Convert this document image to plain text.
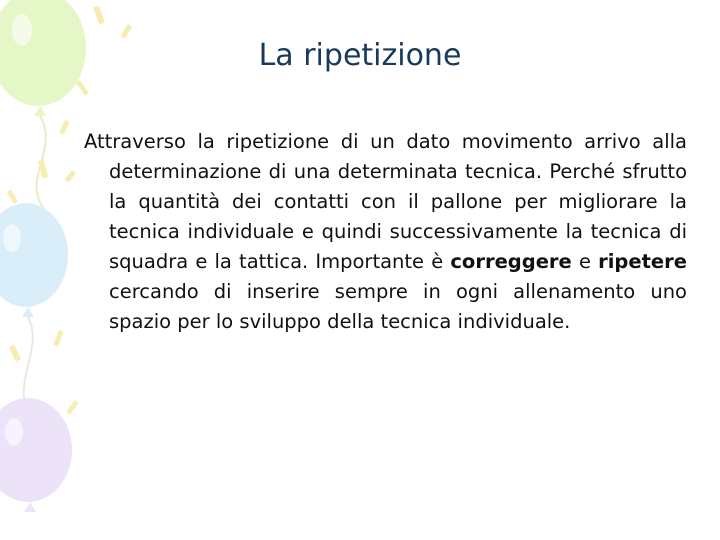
La ripetizione
Attraverso la ripetizione di un dato movimento arrivo alla determinazione di una determinata tecnica. Perché sfrutto la quantità dei contatti con il pallone per migliorare la tecnica individuale e quindi successivamente la tecnica di squadra e la tattica. Importante è correggere e ripetere cercando di inserire sempre in ogni allenamento uno spazio per lo sviluppo della tecnica individuale.
